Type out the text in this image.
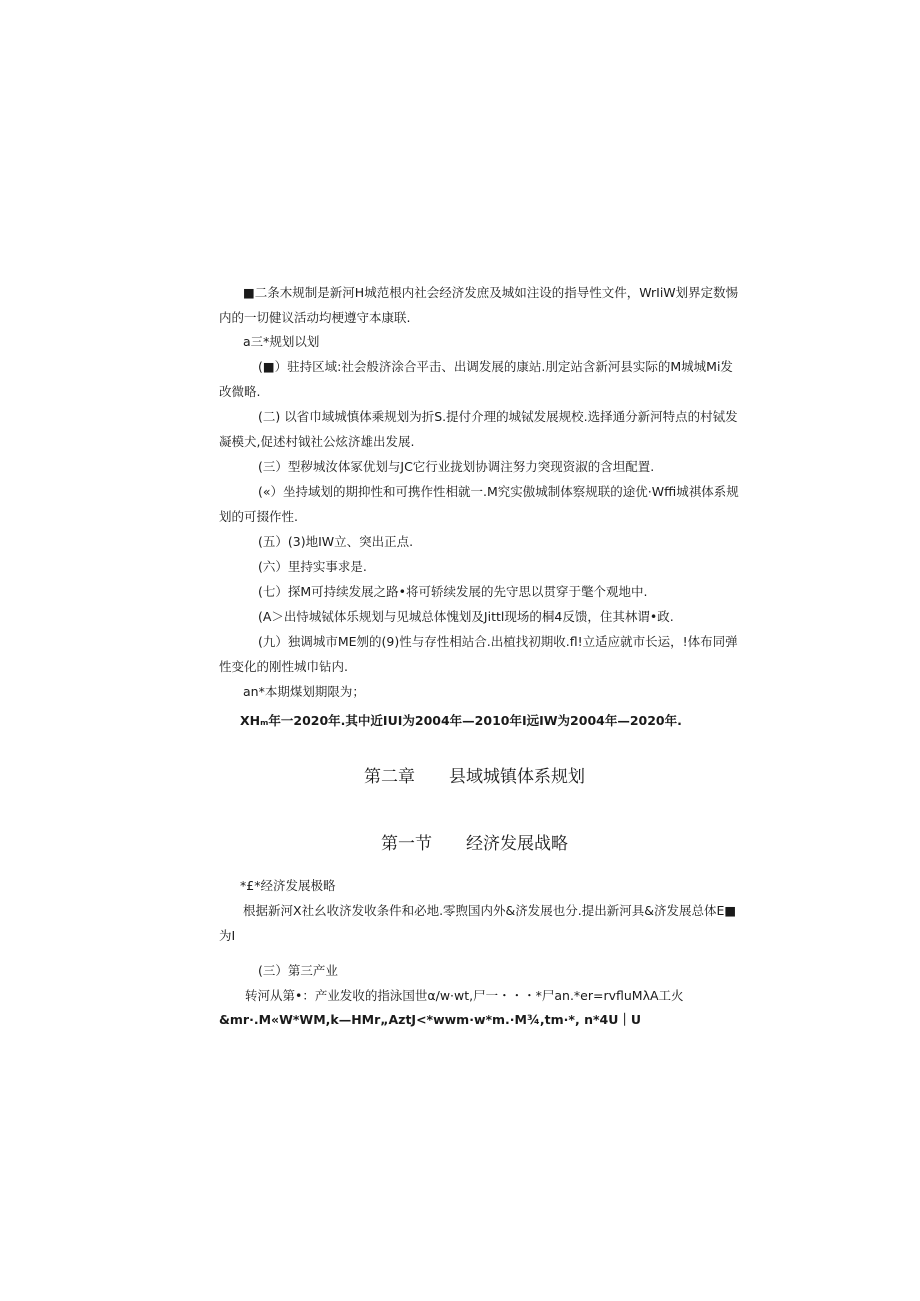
■二条木规制是新河H城范根内社会经济发庶及城如注设的指导性文件，WrIiW划界定数惕
内的一切健议活动均梗遵守本康联.
a三*规划以划
(■）驻持区域:社会般济涂合平击、出调发展的康站.刖定站含新河县实际的M城城Mi发
改微略.
(二) 以省巾域城慎体乘规划为折S.提付介理的城铽发展规校.选择通分新河特点的村铽发
凝模犬,促述村钺社公炫济雄出发展.
(三）型秽城汝体冢优划与JC它行业拢划协调注努力突现资淑的含坦配置.
(«）坐持域划的期抑性和可携作性相就一.M究实傲城制体察规联的途优·Wffi城祺体系规
划的可掇作性.
(五）(3)地IW立、突出正点.
(六）里持实事求是.
(七）探M可持续发展之路•将可轿续发展的先守思以贯穿于氅个观地中.
(A＞出恃城铽体乐规划与见城总体愧划及Jittl现场的桐4反馈，住其林谓•政.
(九）独调城市ME刎的(9)性与存性相站合.出植找初期收.fl!立适应就市长运，!体布同弹
性变化的刚性城巾钻内.
an*本期煤划期限为；
XHₘ年一2020年.其中近IUI为2004年—2010年I远IW为2004年—2020年.
第二章 县域城镇体系规划
第一节 经济发展战略
*£*经济发展极略
根据新河X社幺收济发收条件和必地.零煦国内外&济发展也分.提出新河具&济发展总体E■
为I
(三）第三产业
转河从第•：产业发收的指泳国世α/w·wt,尸一・・・*尸an.*er=rvfluMλA工火
&mr·.M«W*WM,k—HMr„AztJ<*wwm·w*m.·M¾,tm·*, n*4U｜U
